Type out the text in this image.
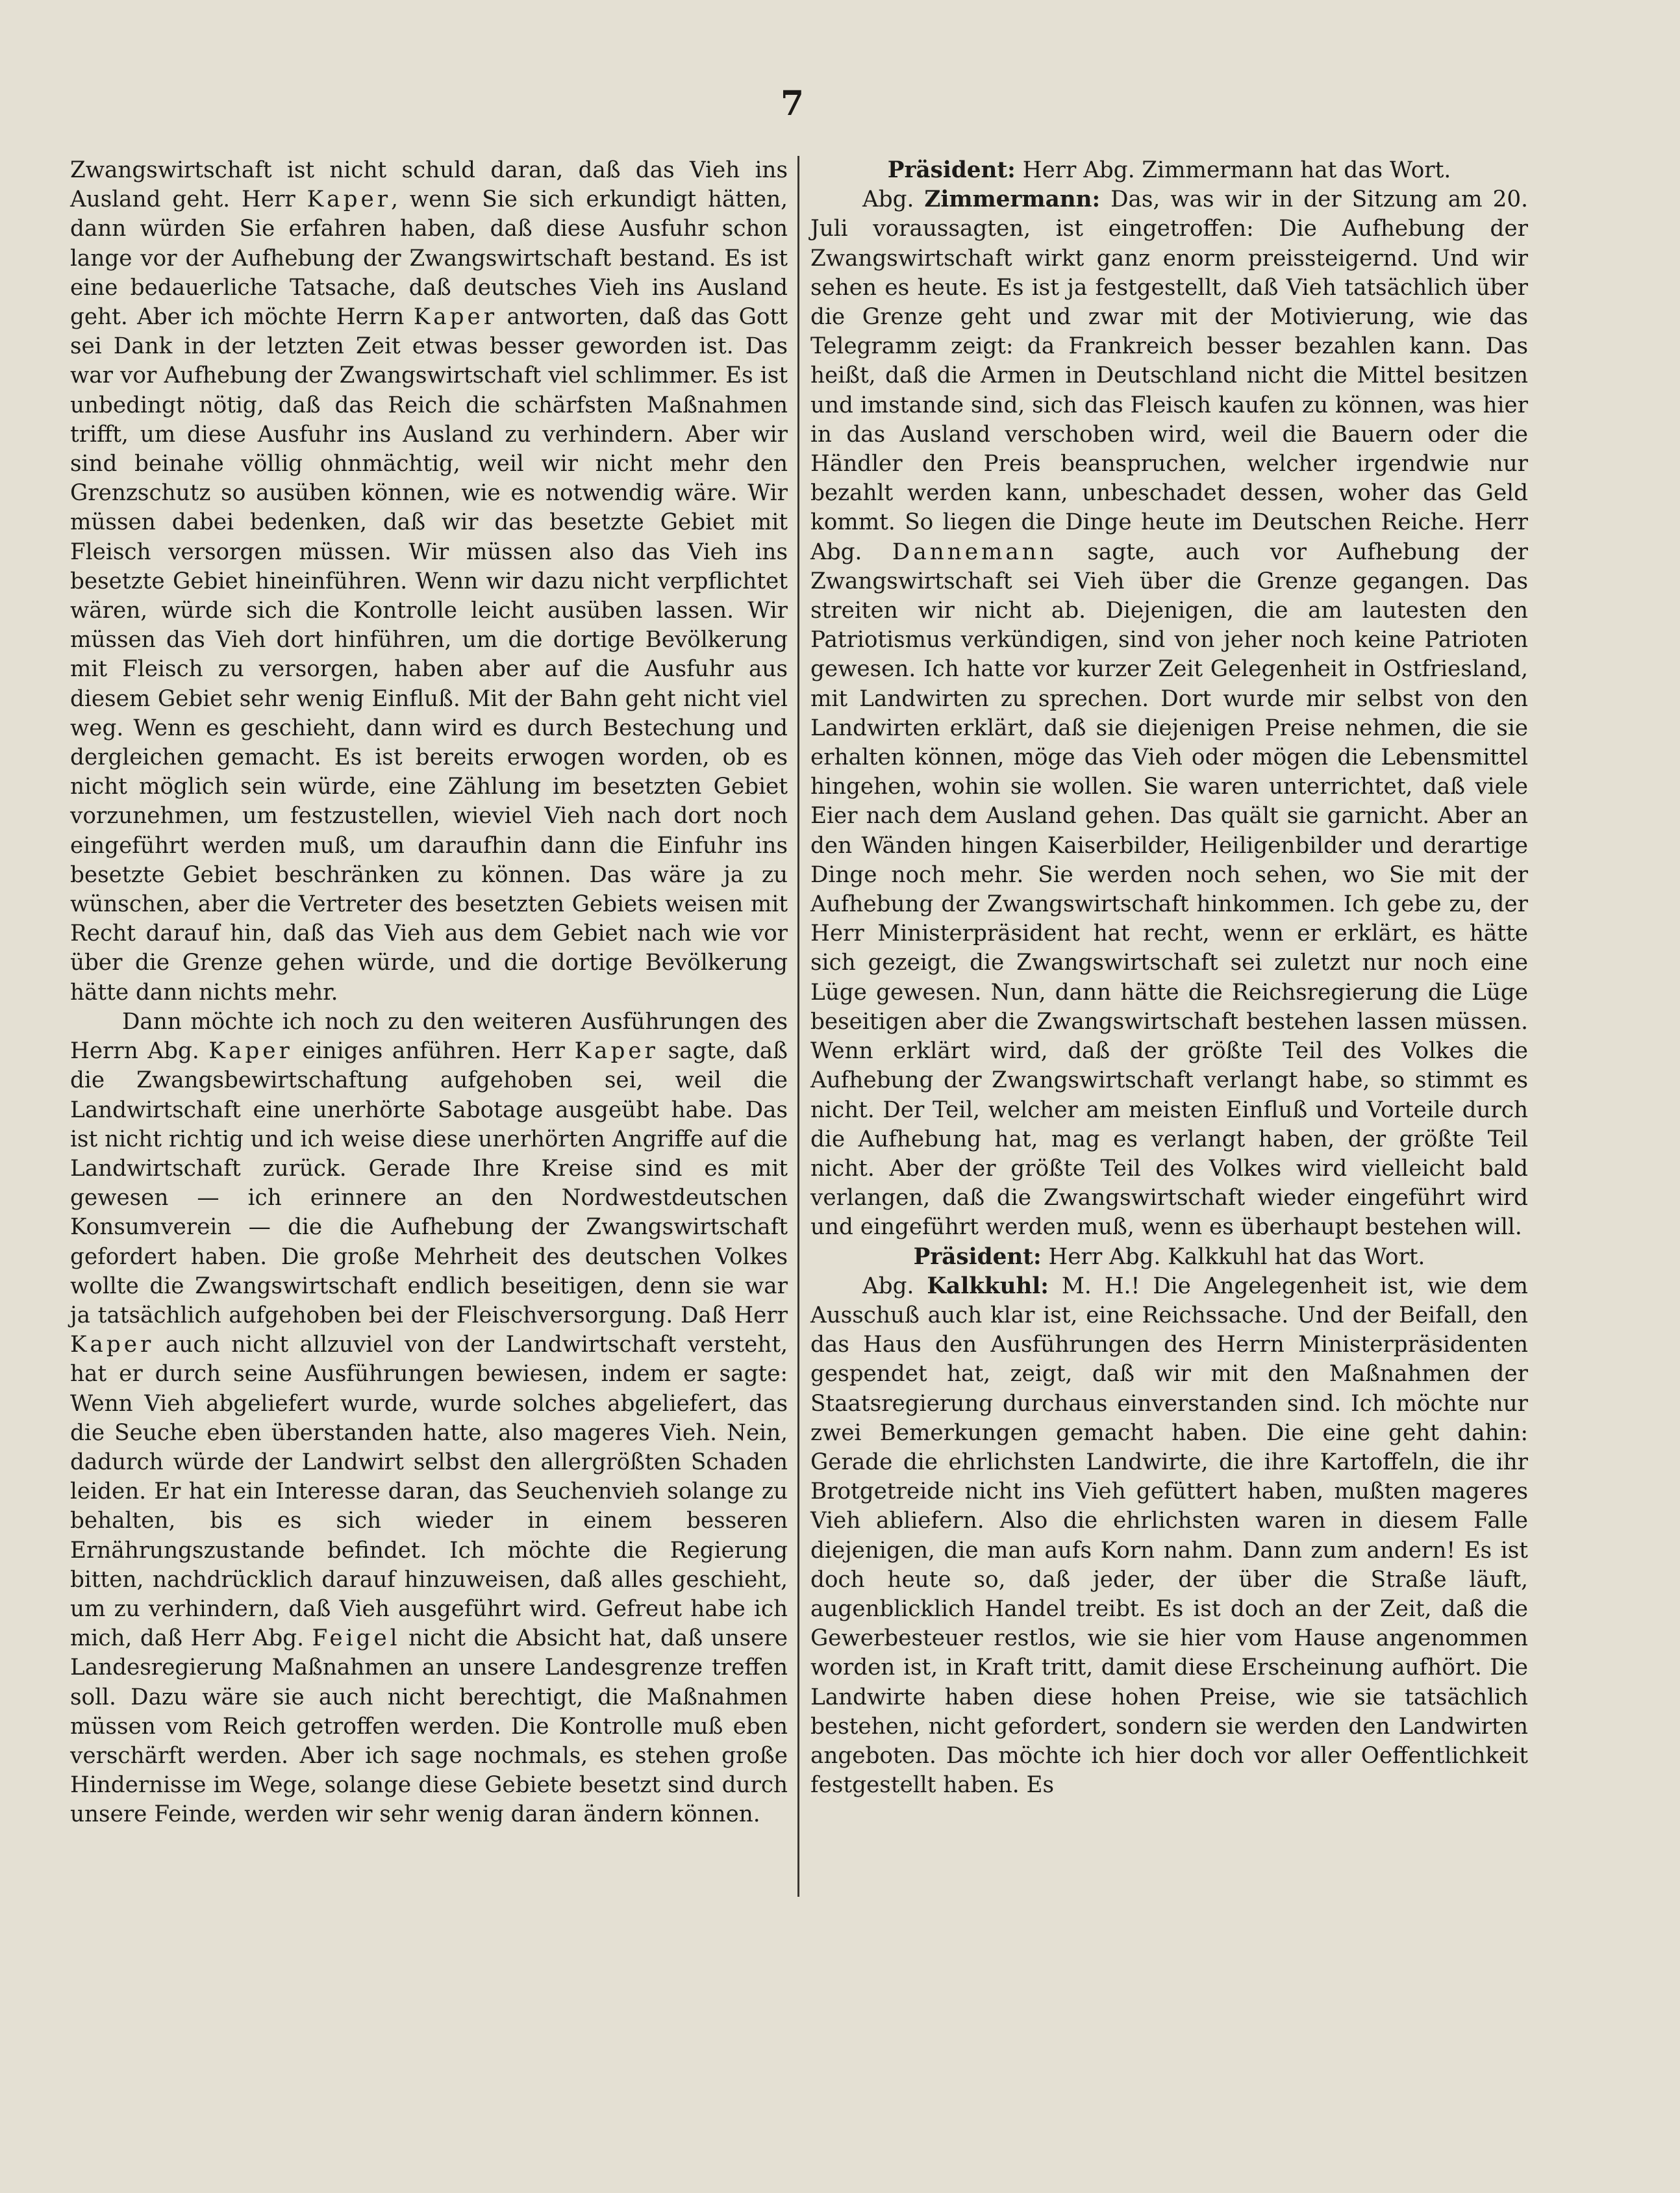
7

Zwangswirtschaft ist nicht schuld daran, daß das Vieh ins Ausland geht. Herr Kaper, wenn Sie sich erkundigt hätten, dann würden Sie erfahren haben, daß diese Ausfuhr schon lange vor der Aufhebung der Zwangswirtschaft bestand. Es ist eine bedauerliche Tatsache, daß deutsches Vieh ins Ausland geht. Aber ich möchte Herrn Kaper antworten, daß das Gott sei Dank in der letzten Zeit etwas besser geworden ist. Das war vor Aufhebung der Zwangswirtschaft viel schlimmer. Es ist unbedingt nötig, daß das Reich die schärfsten Maßnahmen trifft, um diese Ausfuhr ins Ausland zu verhindern. Aber wir sind beinahe völlig ohnmächtig, weil wir nicht mehr den Grenzschutz so ausüben können, wie es notwendig wäre. Wir müssen dabei bedenken, daß wir das besetzte Gebiet mit Fleisch versorgen müssen. Wir müssen also das Vieh ins besetzte Gebiet hineinführen. Wenn wir dazu nicht verpflichtet wären, würde sich die Kontrolle leicht ausüben lassen. Wir müssen das Vieh dort hinführen, um die dortige Bevölkerung mit Fleisch zu versorgen, haben aber auf die Ausfuhr aus diesem Gebiet sehr wenig Einfluß. Mit der Bahn geht nicht viel weg. Wenn es geschieht, dann wird es durch Bestechung und dergleichen gemacht. Es ist bereits erwogen worden, ob es nicht möglich sein würde, eine Zählung im besetzten Gebiet vorzunehmen, um festzustellen, wieviel Vieh nach dort noch eingeführt werden muß, um daraufhin dann die Einfuhr ins besetzte Gebiet beschränken zu können. Das wäre ja zu wünschen, aber die Vertreter des besetzten Gebiets weisen mit Recht darauf hin, daß das Vieh aus dem Gebiet nach wie vor über die Grenze gehen würde, und die dortige Bevölkerung hätte dann nichts mehr.

Dann möchte ich noch zu den weiteren Ausführungen des Herrn Abg. Kaper einiges anführen. Herr Kaper sagte, daß die Zwangsbewirtschaftung aufgehoben sei, weil die Landwirtschaft eine unerhörte Sabotage ausgeübt habe. Das ist nicht richtig und ich weise diese unerhörten Angriffe auf die Landwirtschaft zurück. Gerade Ihre Kreise sind es mit gewesen — ich erinnere an den Nordwestdeutschen Konsumverein — die die Aufhebung der Zwangswirtschaft gefordert haben. Die große Mehrheit des deutschen Volkes wollte die Zwangswirtschaft endlich beseitigen, denn sie war ja tatsächlich aufgehoben bei der Fleischversorgung. Daß Herr Kaper auch nicht allzuviel von der Landwirtschaft versteht, hat er durch seine Ausführungen bewiesen, indem er sagte: Wenn Vieh abgeliefert wurde, wurde solches abgeliefert, das die Seuche eben überstanden hatte, also mageres Vieh. Nein, dadurch würde der Landwirt selbst den allergrößten Schaden leiden. Er hat ein Interesse daran, das Seuchenvieh solange zu behalten, bis es sich wieder in einem besseren Ernährungszustande befindet. Ich möchte die Regierung bitten, nachdrücklich darauf hinzuweisen, daß alles geschieht, um zu verhindern, daß Vieh ausgeführt wird. Gefreut habe ich mich, daß Herr Abg. Feigel nicht die Absicht hat, daß unsere Landesregierung Maßnahmen an unsere Landesgrenze treffen soll. Dazu wäre sie auch nicht berechtigt, die Maßnahmen müssen vom Reich getroffen werden. Die Kontrolle muß eben verschärft werden. Aber ich sage nochmals, es stehen große Hindernisse im Wege, solange diese Gebiete besetzt sind durch unsere Feinde, werden wir sehr wenig daran ändern können.

Präsident: Herr Abg. Zimmermann hat das Wort.

Abg. Zimmermann: Das, was wir in der Sitzung am 20. Juli voraussagten, ist eingetroffen: Die Aufhebung der Zwangswirtschaft wirkt ganz enorm preissteigernd. Und wir sehen es heute. Es ist ja festgestellt, daß Vieh tatsächlich über die Grenze geht und zwar mit der Motivierung, wie das Telegramm zeigt: da Frankreich besser bezahlen kann. Das heißt, daß die Armen in Deutschland nicht die Mittel besitzen und imstande sind, sich das Fleisch kaufen zu können, was hier in das Ausland verschoben wird, weil die Bauern oder die Händler den Preis beanspruchen, welcher irgendwie nur bezahlt werden kann, unbeschadet dessen, woher das Geld kommt. So liegen die Dinge heute im Deutschen Reiche. Herr Abg. Dannemann sagte, auch vor Aufhebung der Zwangswirtschaft sei Vieh über die Grenze gegangen. Das streiten wir nicht ab. Diejenigen, die am lautesten den Patriotismus verkündigen, sind von jeher noch keine Patrioten gewesen. Ich hatte vor kurzer Zeit Gelegenheit in Ostfriesland, mit Landwirten zu sprechen. Dort wurde mir selbst von den Landwirten erklärt, daß sie diejenigen Preise nehmen, die sie erhalten können, möge das Vieh oder mögen die Lebensmittel hingehen, wohin sie wollen. Sie waren unterrichtet, daß viele Eier nach dem Ausland gehen. Das quält sie garnicht. Aber an den Wänden hingen Kaiserbilder, Heiligenbilder und derartige Dinge noch mehr. Sie werden noch sehen, wo Sie mit der Aufhebung der Zwangswirtschaft hinkommen. Ich gebe zu, der Herr Ministerpräsident hat recht, wenn er erklärt, es hätte sich gezeigt, die Zwangswirtschaft sei zuletzt nur noch eine Lüge gewesen. Nun, dann hätte die Reichsregierung die Lüge beseitigen aber die Zwangswirtschaft bestehen lassen müssen. Wenn erklärt wird, daß der größte Teil des Volkes die Aufhebung der Zwangswirtschaft verlangt habe, so stimmt es nicht. Der Teil, welcher am meisten Einfluß und Vorteile durch die Aufhebung hat, mag es verlangt haben, der größte Teil nicht. Aber der größte Teil des Volkes wird vielleicht bald verlangen, daß die Zwangswirtschaft wieder eingeführt wird und eingeführt werden muß, wenn es überhaupt bestehen will.

Präsident: Herr Abg. Kalkkuhl hat das Wort.

Abg. Kalkkuhl: M. H.! Die Angelegenheit ist, wie dem Ausschuß auch klar ist, eine Reichssache. Und der Beifall, den das Haus den Ausführungen des Herrn Ministerpräsidenten gespendet hat, zeigt, daß wir mit den Maßnahmen der Staatsregierung durchaus einverstanden sind. Ich möchte nur zwei Bemerkungen gemacht haben. Die eine geht dahin: Gerade die ehrlichsten Landwirte, die ihre Kartoffeln, die ihr Brotgetreide nicht ins Vieh gefüttert haben, mußten mageres Vieh abliefern. Also die ehrlichsten waren in diesem Falle diejenigen, die man aufs Korn nahm. Dann zum andern! Es ist doch heute so, daß jeder, der über die Straße läuft, augenblicklich Handel treibt. Es ist doch an der Zeit, daß die Gewerbesteuer restlos, wie sie hier vom Hause angenommen worden ist, in Kraft tritt, damit diese Erscheinung aufhört. Die Landwirte haben diese hohen Preise, wie sie tatsächlich bestehen, nicht gefordert, sondern sie werden den Landwirten angeboten. Das möchte ich hier doch vor aller Oeffentlichkeit festgestellt haben. Es
